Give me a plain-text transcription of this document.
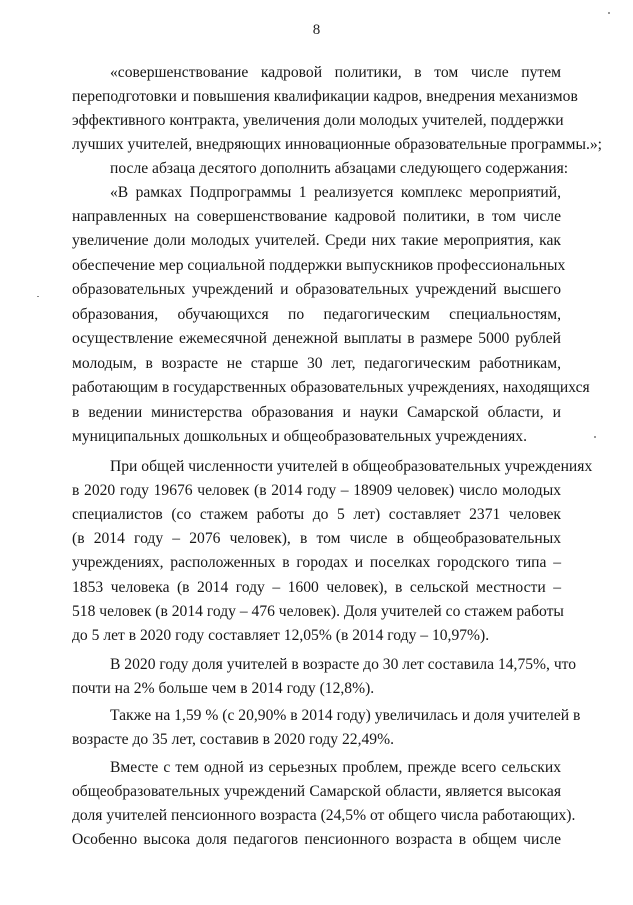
8
«совершенствование кадровой политики, в том числе путем
переподготовки и повышения квалификации кадров, внедрения механизмов
эффективного контракта, увеличения доли молодых учителей, поддержки
лучших учителей, внедряющих инновационные образовательные программы.»;
после абзаца десятого дополнить абзацами следующего содержания:
«В рамках Подпрограммы 1 реализуется комплекс мероприятий,
направленных на совершенствование кадровой политики, в том числе
увеличение доли молодых учителей. Среди них такие мероприятия, как
обеспечение мер социальной поддержки выпускников профессиональных
образовательных учреждений и образовательных учреждений высшего
образования, обучающихся по педагогическим специальностям,
осуществление ежемесячной денежной выплаты в размере 5000 рублей
молодым, в возрасте не старше 30 лет, педагогическим работникам,
работающим в государственных образовательных учреждениях, находящихся
в ведении министерства образования и науки Самарской области, и
муниципальных дошкольных и общеобразовательных учреждениях.
При общей численности учителей в общеобразовательных учреждениях
в 2020 году 19676 человек (в 2014 году – 18909 человек) число молодых
специалистов (со стажем работы до 5 лет) составляет 2371 человек
(в 2014 году – 2076 человек), в том числе в общеобразовательных
учреждениях, расположенных в городах и поселках городского типа –
1853 человека (в 2014 году – 1600 человек), в сельской местности –
518 человек (в 2014 году – 476 человек). Доля учителей со стажем работы
до 5 лет в 2020 году составляет 12,05% (в 2014 году – 10,97%).
В 2020 году доля учителей в возрасте до 30 лет составила 14,75%, что
почти на 2% больше чем в 2014 году (12,8%).
Также на 1,59 % (с 20,90% в 2014 году) увеличилась и доля учителей в
возрасте до 35 лет, составив в 2020 году 22,49%.
Вместе с тем одной из серьезных проблем, прежде всего сельских
общеобразовательных учреждений Самарской области, является высокая
доля учителей пенсионного возраста (24,5% от общего числа работающих).
Особенно высока доля педагогов пенсионного возраста в общем числе
